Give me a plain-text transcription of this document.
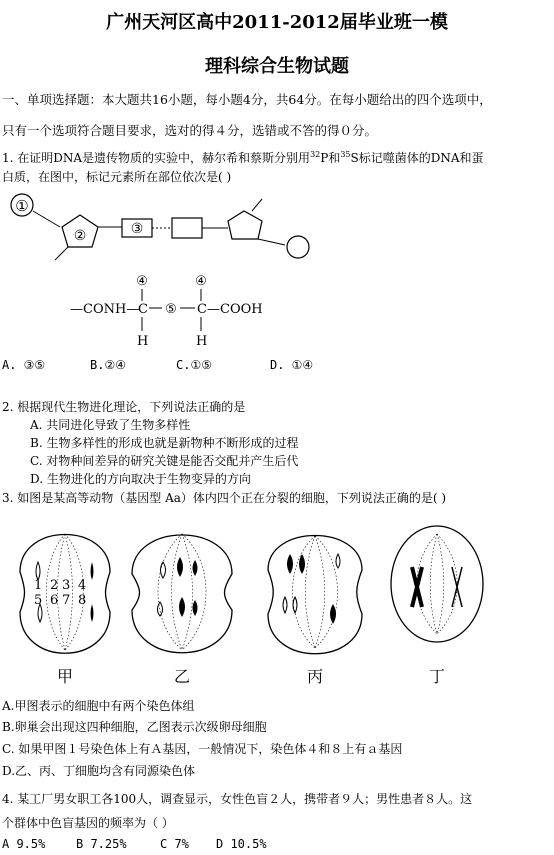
广州天河区高中2011-2012届毕业班一模
理科综合生物试题
一、单项选择题：本大题共16小题，每小题4分，共64分。在每小题给出的四个选项中，
只有一个选项符合题目要求，选对的得４分，选错或不答的得０分。
1. 在证明DNA是遗传物质的实验中，赫尔希和蔡斯分别用$^{32}$P和$^{35}$S标记噬菌体的DNA和蛋
白质，在图中，标记元素所在部位依次是( )
①
②	③
④	④
—CONH—
C ⑤ C —COOH
H	H
A. ③⑤	B.②④	C.①⑤	D. ①④
2. 根据现代生物进化理论，下列说法正确的是
A. 共同进化导致了生物多样性
B. 生物多样性的形成也就是新物种不断形成的过程
C. 对物种间差异的研究关键是能否交配并产生后代
D. 生物进化的方向取决于生物变异的方向
3. 如图是某高等动物（基因型 Aa）体内四个正在分裂的细胞，下列说法正确的是( )
1 2 3 4
5 6 7 8
甲	乙	丙	丁
A.甲图表示的细胞中有两个染色体组
B.卵巢会出现这四种细胞，乙图表示次级卵母细胞
C. 如果甲图１号染色体上有Ａ基因，一般情况下，染色体４和８上有ａ基因
D.乙、丙、丁细胞均含有同源染色体
4. 某工厂男女职工各100人，调查显示，女性色盲２人，携带者９人；男性患者８人。这
个群体中色盲基因的频率为（ ）
A 9.5%	B 7.25%	C 7% D 10.5%
